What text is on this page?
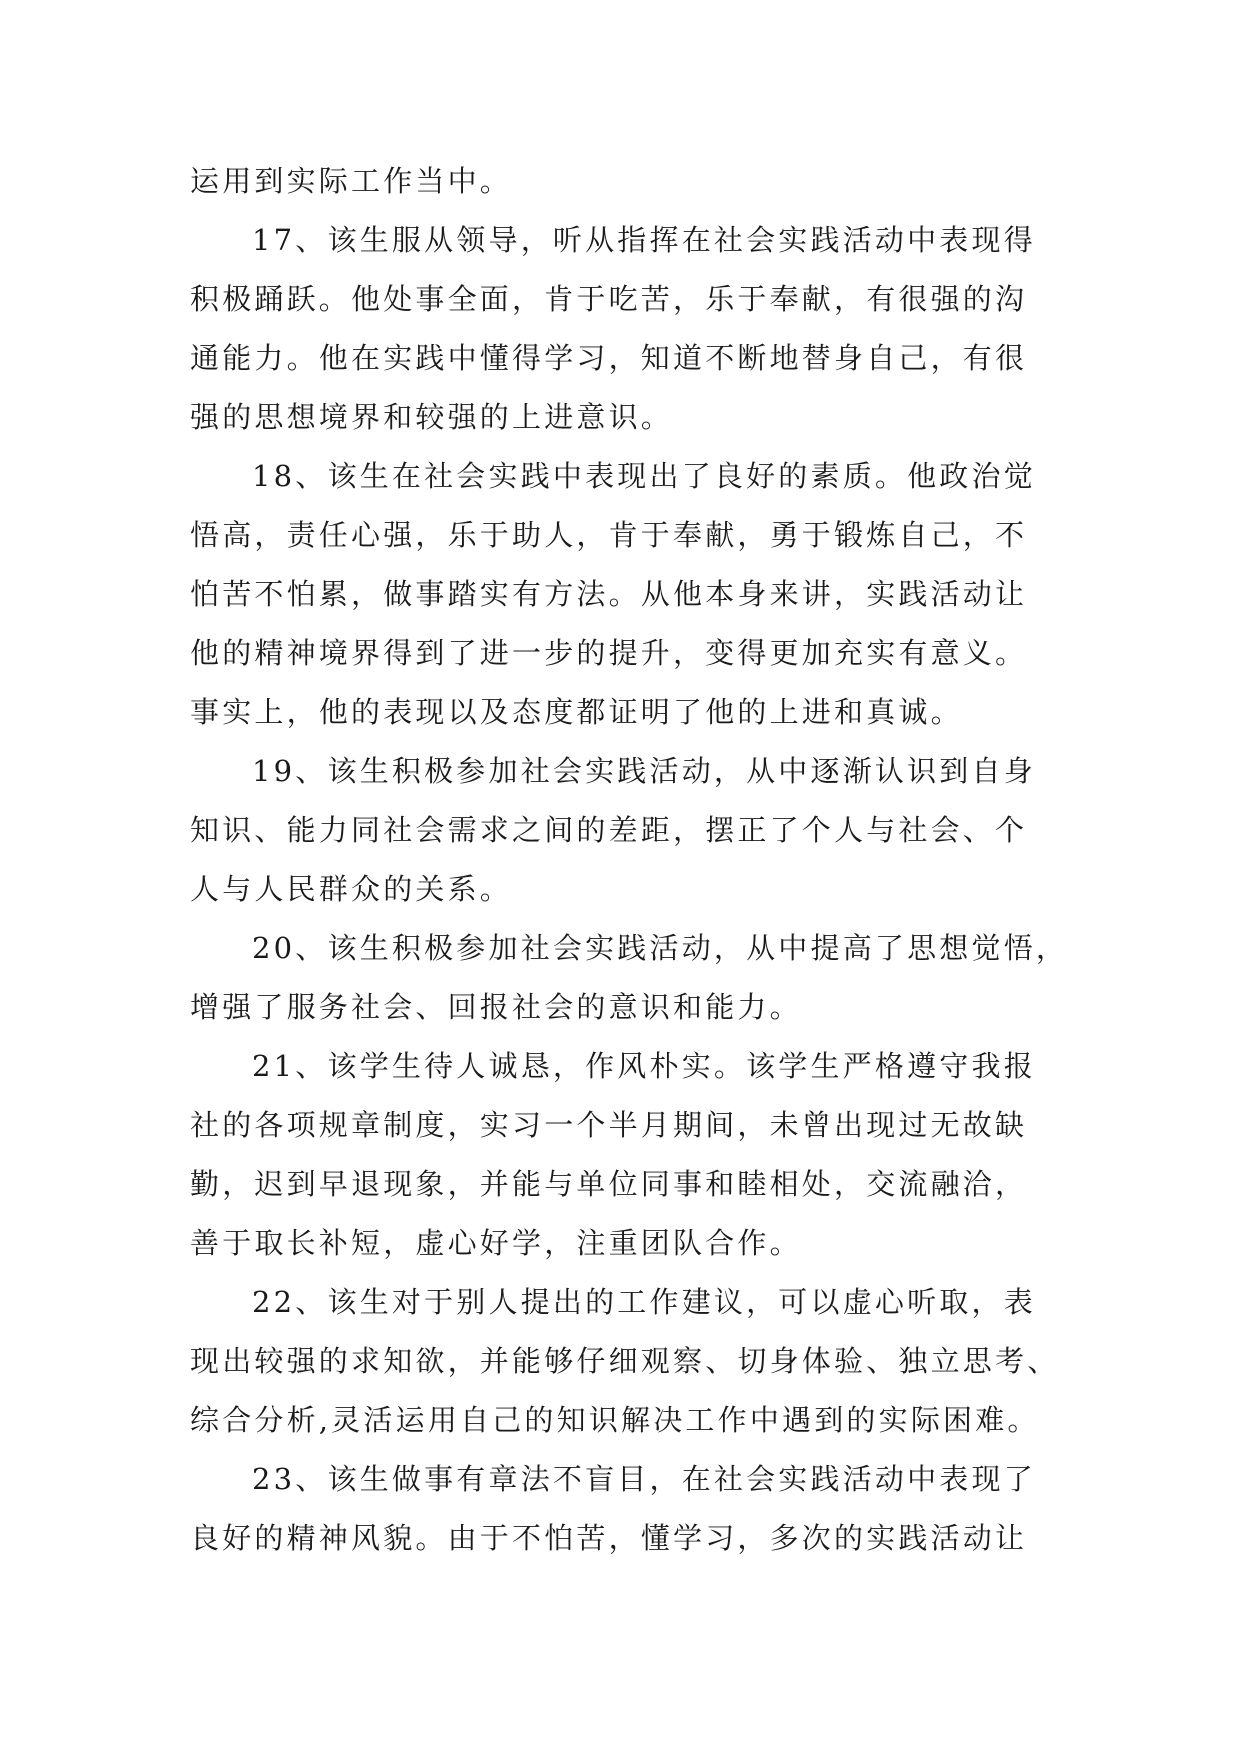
运用到实际工作当中。
17、该生服从领导，听从指挥在社会实践活动中表现得
积极踊跃。他处事全面，肯于吃苦，乐于奉献，有很强的沟
通能力。他在实践中懂得学习，知道不断地替身自己，有很
强的思想境界和较强的上进意识。
18、该生在社会实践中表现出了良好的素质。他政治觉
悟高，责任心强，乐于助人，肯于奉献，勇于锻炼自己，不
怕苦不怕累，做事踏实有方法。从他本身来讲，实践活动让
他的精神境界得到了进一步的提升，变得更加充实有意义。
事实上，他的表现以及态度都证明了他的上进和真诚。
19、该生积极参加社会实践活动，从中逐渐认识到自身
知识、能力同社会需求之间的差距，摆正了个人与社会、个
人与人民群众的关系。
20、该生积极参加社会实践活动，从中提高了思想觉悟，
增强了服务社会、回报社会的意识和能力。
21、该学生待人诚恳，作风朴实。该学生严格遵守我报
社的各项规章制度，实习一个半月期间，未曾出现过无故缺
勤，迟到早退现象，并能与单位同事和睦相处，交流融洽，
善于取长补短，虚心好学，注重团队合作。
22、该生对于别人提出的工作建议，可以虚心听取，表
现出较强的求知欲，并能够仔细观察、切身体验、独立思考、
综合分析,灵活运用自己的知识解决工作中遇到的实际困难。
23、该生做事有章法不盲目，在社会实践活动中表现了
良好的精神风貌。由于不怕苦，懂学习，多次的实践活动让
